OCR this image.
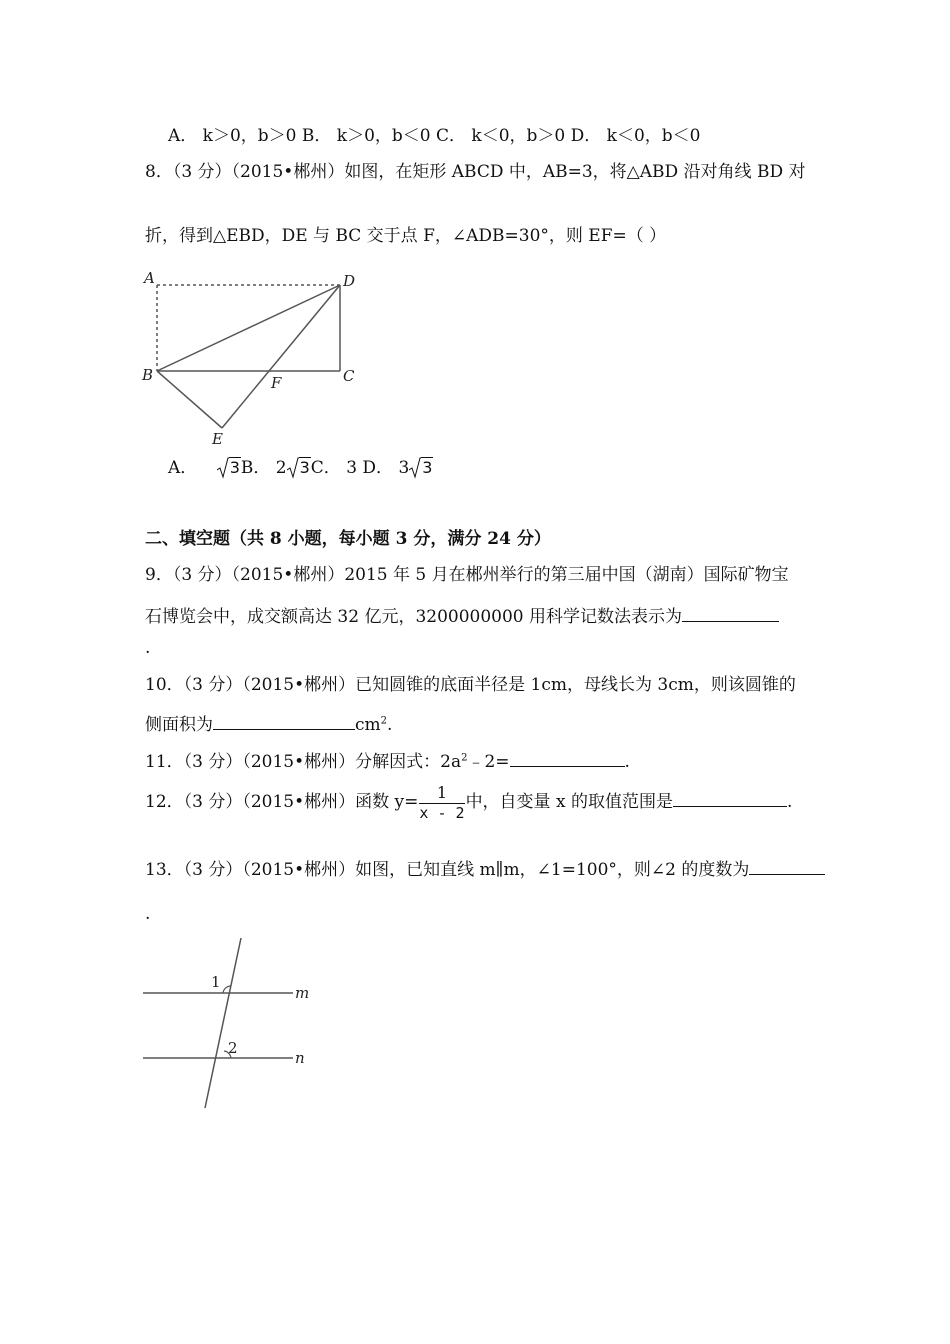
A． k＞0，b＞0 B． k＞0，b＜0 C． k＜0，b＞0 D． k＜0，b＜0
8．（3 分）（2015•郴州）如图，在矩形 ABCD 中，AB=3，将△ABD 沿对角线 BD 对
折，得到△EBD，DE 与 BC 交于点 F，∠ADB=30°，则 EF=（ ）
A	D
B	C
F
E
A． 3B． 2 3C． 3 D． 3 3
二、填空题（共 8 小题，每小题 3 分，满分 24 分）
9．（3 分）（2015•郴州）2015 年 5 月在郴州举行的第三届中国（湖南）国际矿物宝
石博览会中，成交额高达 32 亿元，3200000000 用科学记数法表示为
.
10．（3 分）（2015•郴州）已知圆锥的底面半径是 1cm，母线长为 3cm，则该圆锥的
侧面积为	$cm^2$.
11．（3 分）（2015•郴州）分解因式：$2a^2﹣2=$	.
12．（3 分）（2015•郴州）函数 $y= \frac{1}{x - 2}$ 中，自变量 x 的取值范围是	.
13．（3 分）（2015•郴州）如图，已知直线 m∥m，∠1=100°，则∠2 的度数为
.
1
2
m
n
